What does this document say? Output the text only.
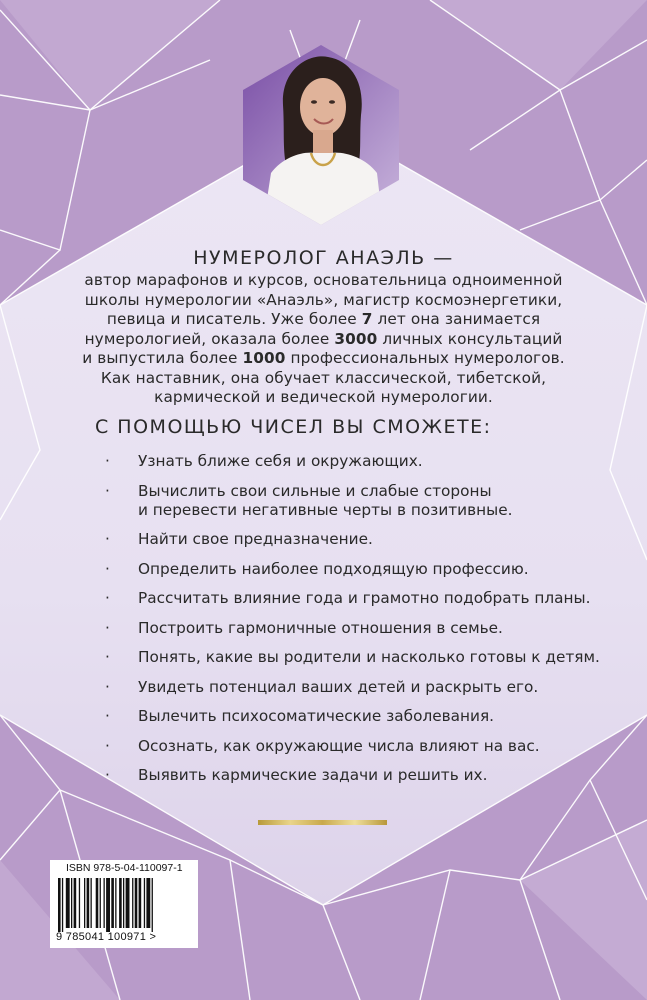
НУМЕРОЛОГ АНАЭЛЬ —
автор марафонов и курсов, основательница одноименной
школы нумерологии «Анаэль», магистр космоэнергетики,
певица и писатель. Уже более 7 лет она занимается
нумерологией, оказала более 3000 личных консультаций
и выпустила более 1000 профессиональных нумерологов.
Как наставник, она обучает классической, тибетской,
кармической и ведической нумерологии.
С ПОМОЩЬЮ ЧИСЕЛ ВЫ СМОЖЕТЕ:
· Узнать ближе себя и окружающих.
· Вычислить свои сильные и слабые стороны
и перевести негативные черты в позитивные.
· Найти свое предназначение.
· Определить наиболее подходящую профессию.
· Рассчитать влияние года и грамотно подобрать планы.
· Построить гармоничные отношения в семье.
· Понять, какие вы родители и насколько готовы к детям.
· Увидеть потенциал ваших детей и раскрыть его.
· Вылечить психосоматические заболевания.
· Осознать, как окружающие числа влияют на вас.
· Выявить кармические задачи и решить их.
ISBN 978-5-04-110097-1
9 785041 100971 >
